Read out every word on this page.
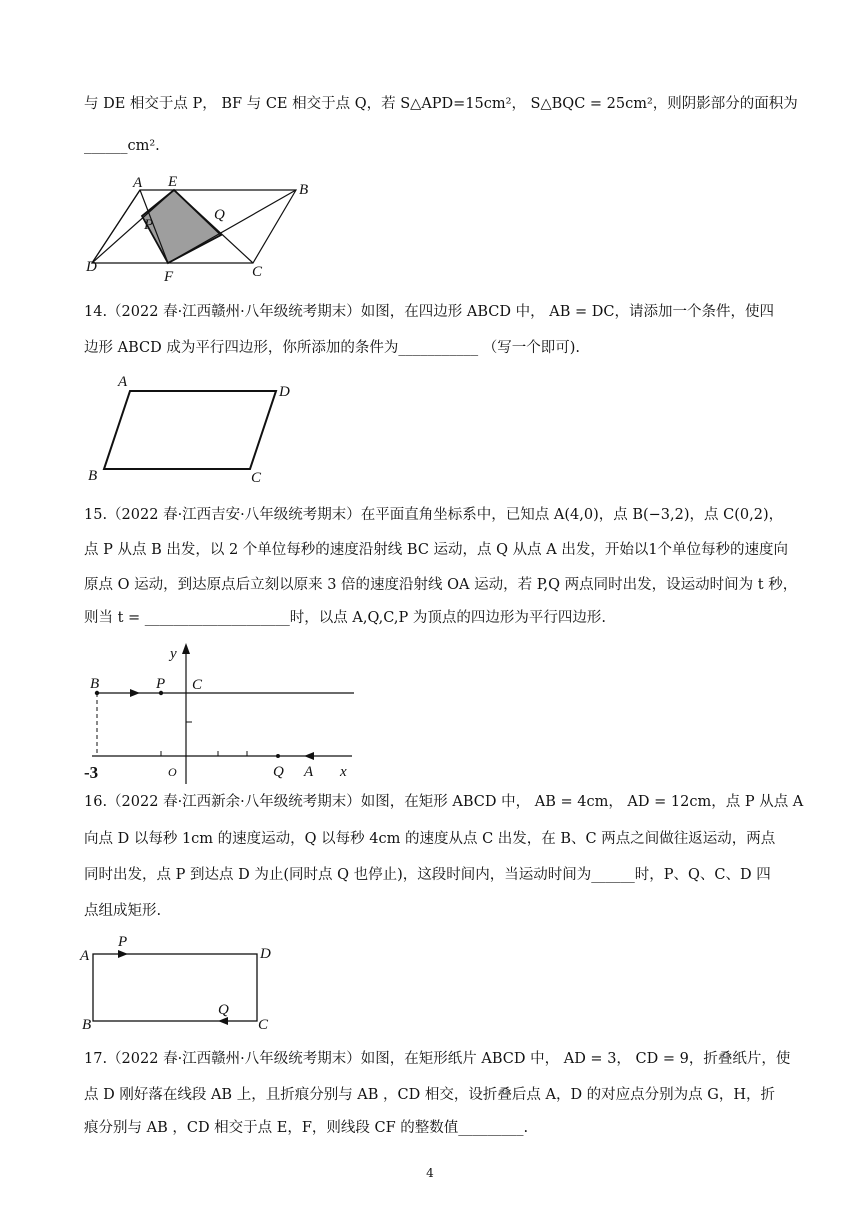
与 DE 相交于点 P， BF 与 CE 相交于点 Q，若 S△APD=15cm²， S△BQC = 25cm²，则阴影部分的面积为
______cm².
A E	B
P
Q
D
F	C
14.（2022 春·江西赣州·八年级统考期末）如图，在四边形 ABCD 中， AB = DC，请添加一个条件，使四
边形 ABCD 成为平行四边形，你所添加的条件为___________ （写一个即可).
A
D
B	C
15.（2022 春·江西吉安·八年级统考期末）在平面直角坐标系中，已知点 A(4,0)，点 B(−3,2)，点 C(0,2)，
点 P 从点 B 出发，以 2 个单位每秒的速度沿射线 BC 运动，点 Q 从点 A 出发，开始以1个单位每秒的速度向
原点 O 运动，到达原点后立刻以原来 3 倍的速度沿射线 OA 运动，若 P,Q 两点同时出发，设运动时间为 t 秒，
则当 t = ____________________时，以点 A,Q,C,P 为顶点的四边形为平行四边形.
y
B	P C
-3	O	Q A x
16.（2022 春·江西新余·八年级统考期末）如图，在矩形 ABCD 中， AB = 4cm， AD = 12cm，点 P 从点 A
向点 D 以每秒 1cm 的速度运动，Q 以每秒 4cm 的速度从点 C 出发，在 B、C 两点之间做往返运动，两点
同时出发，点 P 到达点 D 为止(同时点 Q 也停止)，这段时间内，当运动时间为______时，P、Q、C、D 四
点组成矩形.
A
P
D
Q
B	C
17.（2022 春·江西赣州·八年级统考期末）如图，在矩形纸片 ABCD 中， AD = 3， CD = 9，折叠纸片，使
点 D 刚好落在线段 AB 上，且折痕分别与 AB ，CD 相交，设折叠后点 A，D 的对应点分别为点 G，H，折
痕分别与 AB ，CD 相交于点 E，F，则线段 CF 的整数值_________.
4
